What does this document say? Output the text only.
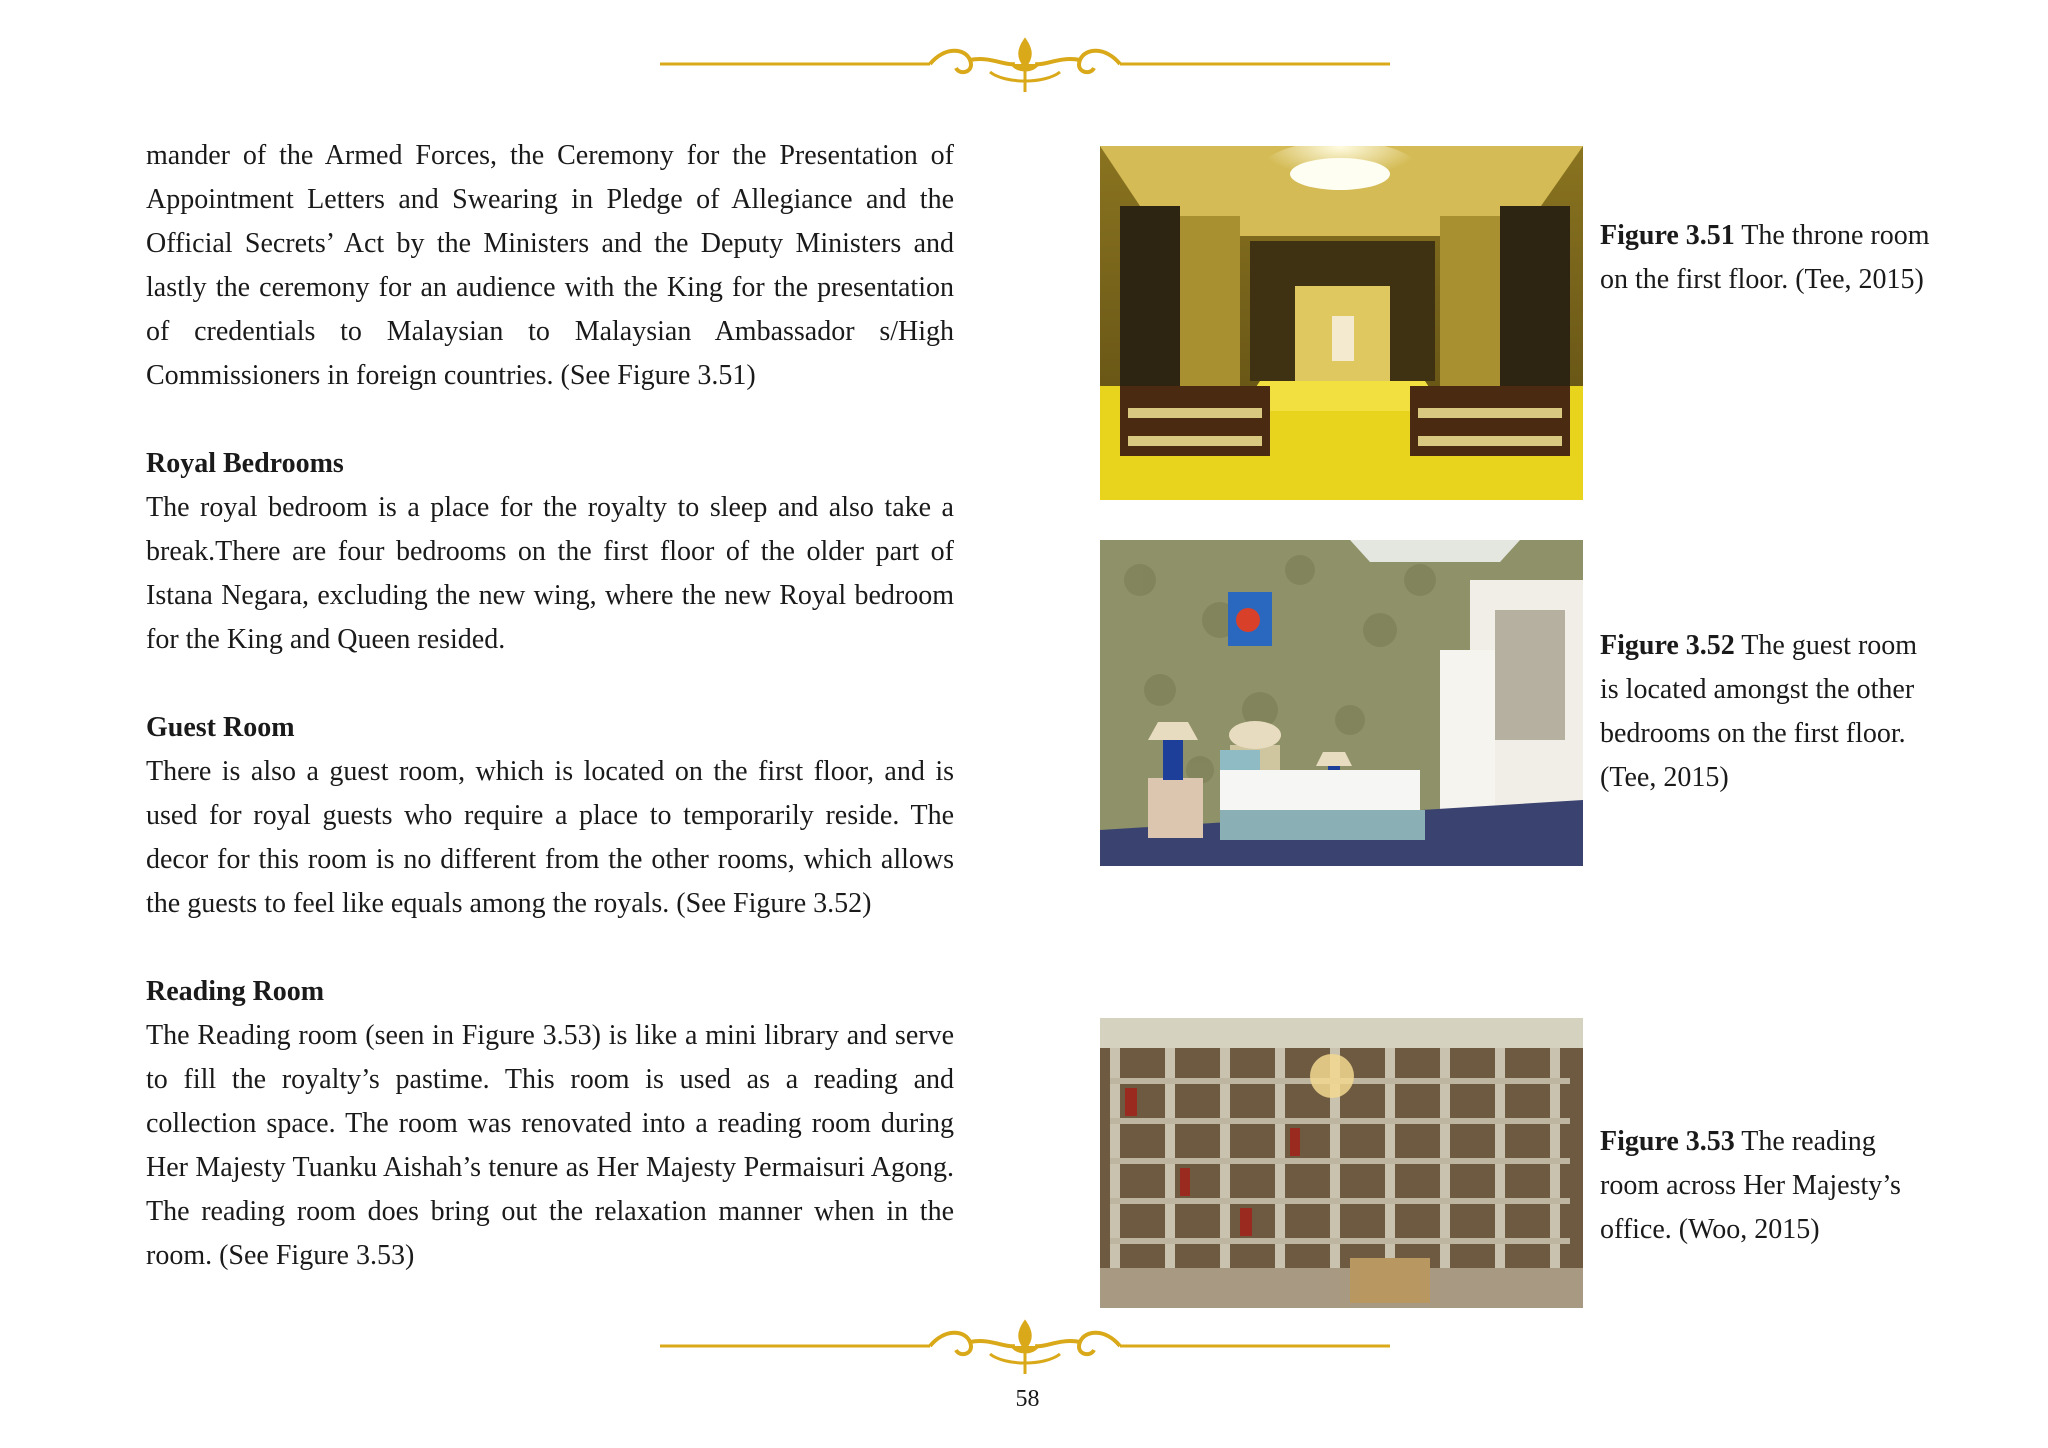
mander of the Armed Forces, the Ceremony for the Presentation of Appointment Letters and Swearing in Pledge of Allegiance and the Official Secrets’ Act by the Ministers and the Deputy Ministers and lastly the ceremony for an audience with the King for the presentation of credentials to Malaysian to Malaysian Ambassador s/High Commissioners in foreign countries. (See Figure 3.51)

Royal Bedrooms

The royal bedroom is a place for the royalty to sleep and also take a break.There are four bedrooms on the first floor of the older part of Istana Negara, excluding the new wing, where the new Royal bedroom for the King and Queen resided.

Guest Room

There is also a guest room, which is located on the first floor, and is used for royal guests who require a place to temporarily reside. The decor for this room is no different from the other rooms, which allows the guests to feel like equals among the royals. (See Figure 3.52)

Reading Room

The Reading room (seen in Figure 3.53) is like a mini library and serve to fill the royalty’s pastime. This room is used as a reading and collection space. The room was renovated into a reading room during Her Majesty Tuanku Aishah’s tenure as Her Majesty Permaisuri Agong. The reading room does bring out the relaxation manner when in the room. (See Figure 3.53)

Figure 3.51 The throne room on the first floor. (Tee, 2015)
Figure 3.52 The guest room is located amongst the other bedrooms on the first floor. (Tee, 2015)
Figure 3.53 The reading room across Her Majesty’s office. (Woo, 2015)
58
